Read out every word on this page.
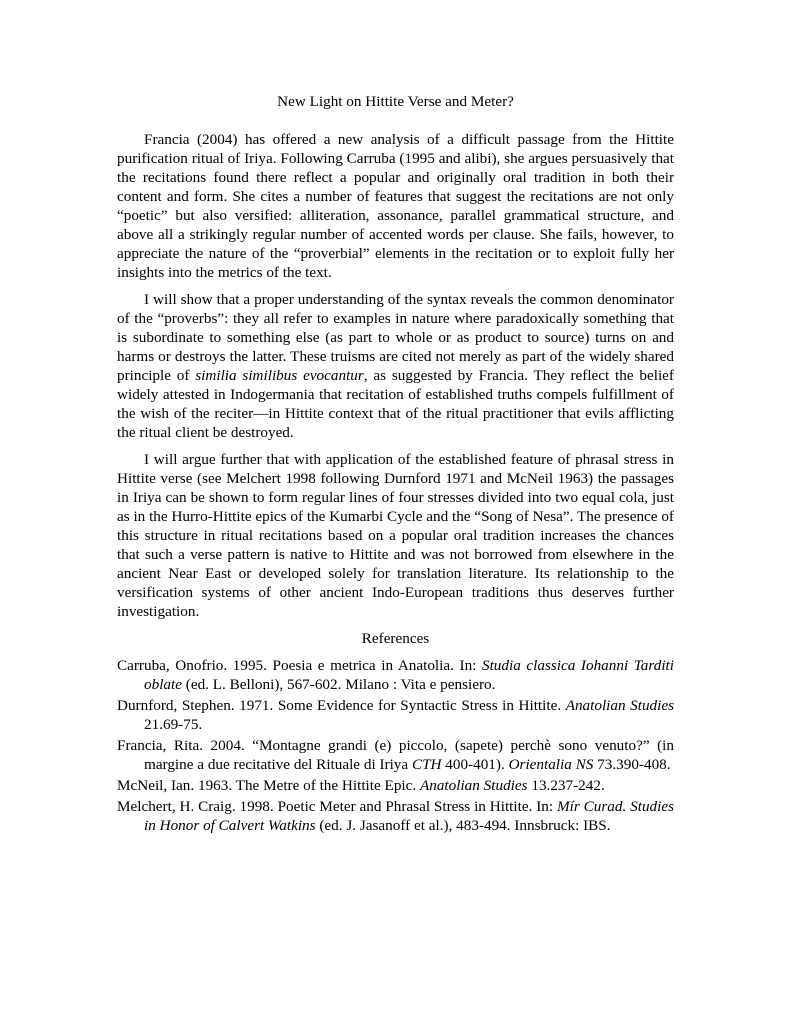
New Light on Hittite Verse and Meter?

Francia (2004) has offered a new analysis of a difficult passage from the Hittite purification ritual of Iriya. Following Carruba (1995 and alibi), she argues persuasively that the recitations found there reflect a popular and originally oral tradition in both their content and form. She cites a number of features that suggest the recitations are not only “poetic” but also versified: alliteration, assonance, parallel grammatical structure, and above all a strikingly regular number of accented words per clause. She fails, however, to appreciate the nature of the “proverbial” elements in the recitation or to exploit fully her insights into the metrics of the text.

I will show that a proper understanding of the syntax reveals the common denominator of the “proverbs”: they all refer to examples in nature where paradoxically something that is subordinate to something else (as part to whole or as product to source) turns on and harms or destroys the latter. These truisms are cited not merely as part of the widely shared principle of similia similibus evocantur, as suggested by Francia. They reflect the belief widely attested in Indogermania that recitation of established truths compels fulfillment of the wish of the reciter—in Hittite context that of the ritual practitioner that evils afflicting the ritual client be destroyed.

I will argue further that with application of the established feature of phrasal stress in Hittite verse (see Melchert 1998 following Durnford 1971 and McNeil 1963) the passages in Iriya can be shown to form regular lines of four stresses divided into two equal cola, just as in the Hurro-Hittite epics of the Kumarbi Cycle and the “Song of Nesa”. The presence of this structure in ritual recitations based on a popular oral tradition increases the chances that such a verse pattern is native to Hittite and was not borrowed from elsewhere in the ancient Near East or developed solely for translation literature. Its relationship to the versification systems of other ancient Indo-European traditions thus deserves further investigation.

References

Carruba, Onofrio. 1995. Poesia e metrica in Anatolia. In: Studia classica Iohanni Tarditi oblate (ed. L. Belloni), 567-602. Milano : Vita e pensiero.

Durnford, Stephen. 1971. Some Evidence for Syntactic Stress in Hittite. Anatolian Studies 21.69-75.

Francia, Rita. 2004. “Montagne grandi (e) piccolo, (sapete) perchè sono venuto?” (in margine a due recitative del Rituale di Iriya CTH 400-401). Orientalia NS 73.390-408.

McNeil, Ian. 1963. The Metre of the Hittite Epic. Anatolian Studies 13.237-242.

Melchert, H. Craig. 1998. Poetic Meter and Phrasal Stress in Hittite. In: Mír Curad. Studies in Honor of Calvert Watkins (ed. J. Jasanoff et al.), 483-494. Innsbruck: IBS.
